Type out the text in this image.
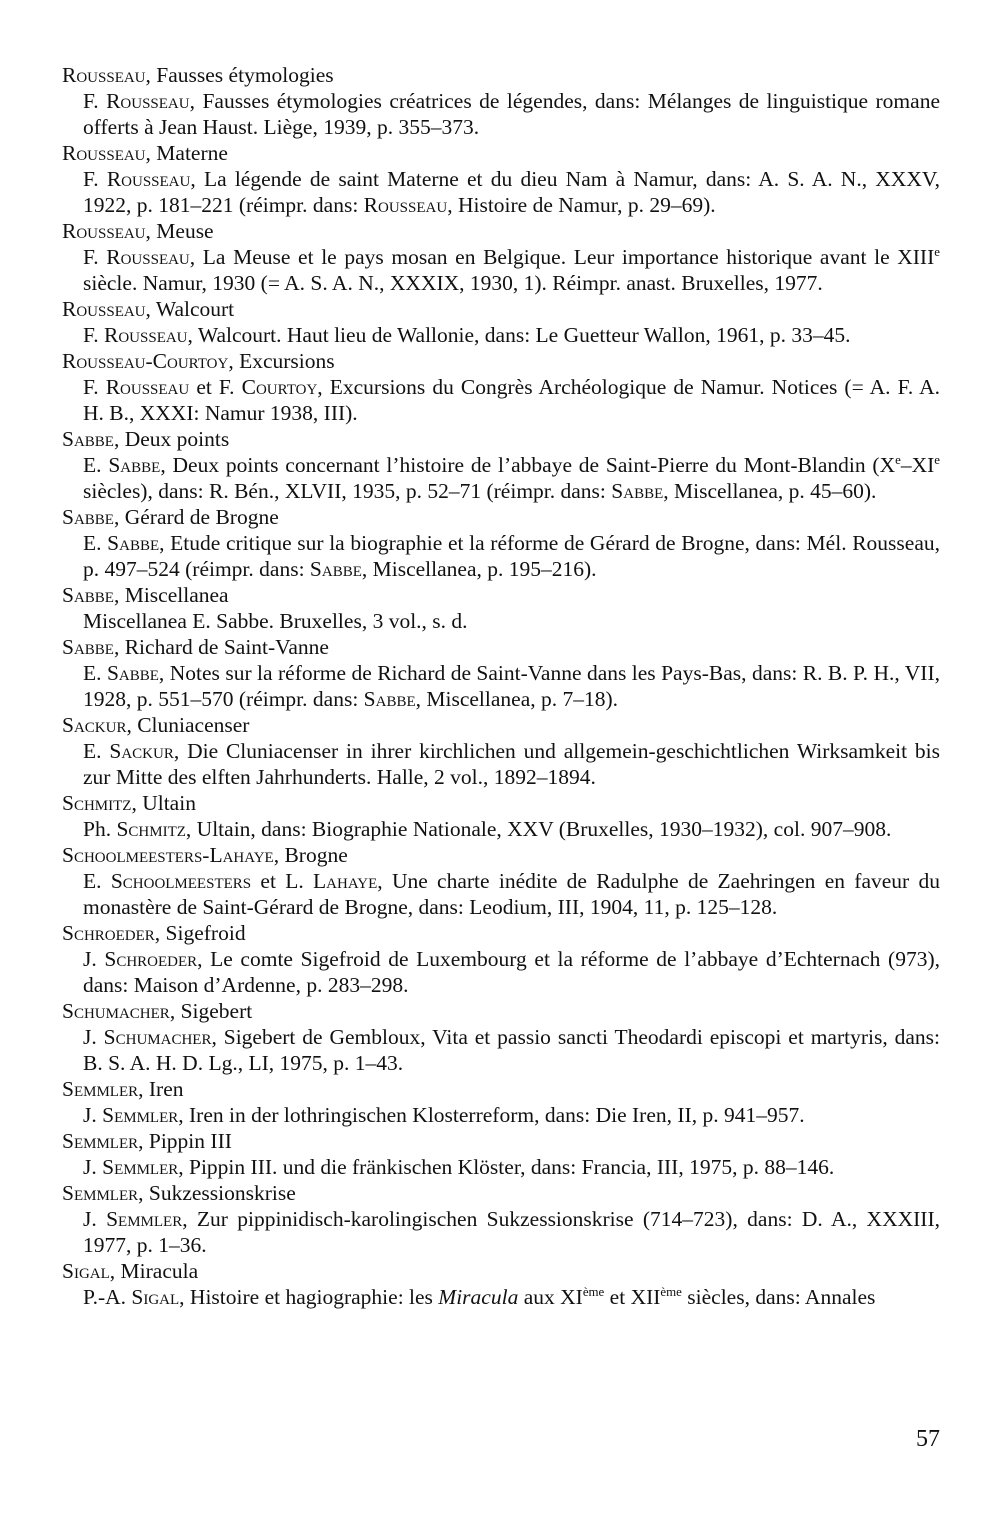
Rousseau, Fausses étymologies
F. Rousseau, Fausses étymologies créatrices de légendes, dans: Mélanges de linguistique romane offerts à Jean Haust. Liège, 1939, p. 355–373.
Rousseau, Materne
F. Rousseau, La légende de saint Materne et du dieu Nam à Namur, dans: A. S. A. N., XXXV, 1922, p. 181–221 (réimpr. dans: Rousseau, Histoire de Namur, p. 29–69).
Rousseau, Meuse
F. Rousseau, La Meuse et le pays mosan en Belgique. Leur importance historique avant le XIIIe siècle. Namur, 1930 (= A. S. A. N., XXXIX, 1930, 1). Réimpr. anast. Bruxelles, 1977.
Rousseau, Walcourt
F. Rousseau, Walcourt. Haut lieu de Wallonie, dans: Le Guetteur Wallon, 1961, p. 33–45.
Rousseau-Courtoy, Excursions
F. Rousseau et F. Courtoy, Excursions du Congrès Archéologique de Namur. Notices (= A. F. A. H. B., XXXI: Namur 1938, III).
Sabbe, Deux points
E. Sabbe, Deux points concernant l’histoire de l’abbaye de Saint-Pierre du Mont-Blandin (Xe–XIe siècles), dans: R. Bén., XLVII, 1935, p. 52–71 (réimpr. dans: Sabbe, Miscellanea, p. 45–60).
Sabbe, Gérard de Brogne
E. Sabbe, Etude critique sur la biographie et la réforme de Gérard de Brogne, dans: Mél. Rousseau, p. 497–524 (réimpr. dans: Sabbe, Miscellanea, p. 195–216).
Sabbe, Miscellanea
Miscellanea E. Sabbe. Bruxelles, 3 vol., s. d.
Sabbe, Richard de Saint-Vanne
E. Sabbe, Notes sur la réforme de Richard de Saint-Vanne dans les Pays-Bas, dans: R. B. P. H., VII, 1928, p. 551–570 (réimpr. dans: Sabbe, Miscellanea, p. 7–18).
Sackur, Cluniacenser
E. Sackur, Die Cluniacenser in ihrer kirchlichen und allgemein-geschichtlichen Wirksamkeit bis zur Mitte des elften Jahrhunderts. Halle, 2 vol., 1892–1894.
Schmitz, Ultain
Ph. Schmitz, Ultain, dans: Biographie Nationale, XXV (Bruxelles, 1930–1932), col. 907–908.
Schoolmeesters-Lahaye, Brogne
E. Schoolmeesters et L. Lahaye, Une charte inédite de Radulphe de Zaehringen en faveur du monastère de Saint-Gérard de Brogne, dans: Leodium, III, 1904, 11, p. 125–128.
Schroeder, Sigefroid
J. Schroeder, Le comte Sigefroid de Luxembourg et la réforme de l’abbaye d’Echternach (973), dans: Maison d’Ardenne, p. 283–298.
Schumacher, Sigebert
J. Schumacher, Sigebert de Gembloux, Vita et passio sancti Theodardi episcopi et martyris, dans: B. S. A. H. D. Lg., LI, 1975, p. 1–43.
Semmler, Iren
J. Semmler, Iren in der lothringischen Klosterreform, dans: Die Iren, II, p. 941–957.
Semmler, Pippin III
J. Semmler, Pippin III. und die fränkischen Klöster, dans: Francia, III, 1975, p. 88–146.
Semmler, Sukzessionskrise
J. Semmler, Zur pippinidisch-karolingischen Sukzessionskrise (714–723), dans: D. A., XXXIII, 1977, p. 1–36.
Sigal, Miracula
P.-A. Sigal, Histoire et hagiographie: les Miracula aux XIème et XIIème siècles, dans: Annales
57
